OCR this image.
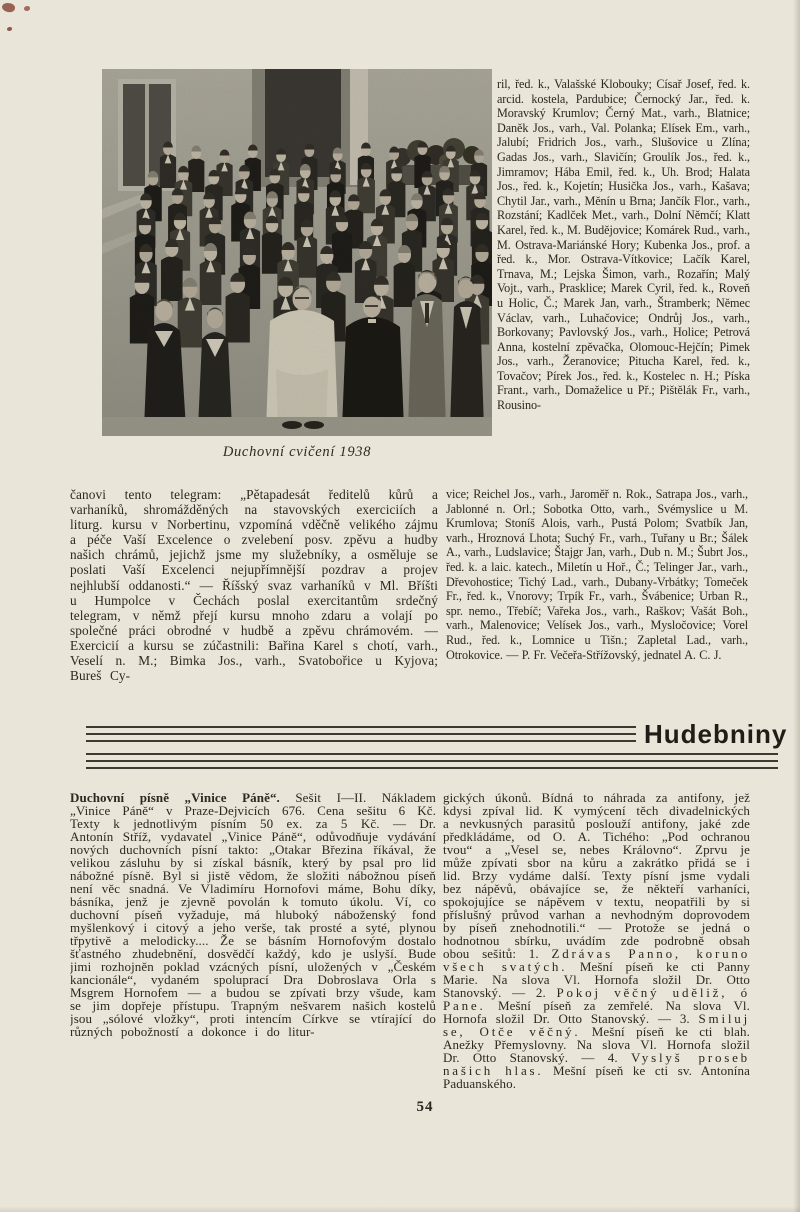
Duchovní cvičení 1938
ril, řed. k., Valašské Klobouky; Císař Josef, řed. k. arcid. kostela, Pardubice; Černocký Jar., řed. k. Moravský Krumlov; Černý Mat., varh., Blatnice; Daněk Jos., varh., Val. Polanka; Elísek Em., varh., Jalubí; Fridrich Jos., varh., Slušovice u Zlína; Gadas Jos., varh., Slavičín; Groulík Jos., řed. k., Jimramov; Hába Emil, řed. k., Uh. Brod; Halata Jos., řed. k., Kojetín; Husička Jos., varh., Kašava; Chytil Jar., varh., Měnín u Brna; Jančík Flor., varh., Rozstání; Kadlček Met., varh., Dolní Němčí; Klatt Karel, řed. k., M. Budějovice; Komárek Rud., varh., M. Ostrava-Mariánské Hory; Kubenka Jos., prof. a řed. k., Mor. Ostrava-Vítkovice; Lačík Karel, Trnava, M.; Lejska Šimon, varh., Rozařín; Malý Vojt., varh., Prasklice; Marek Cyril, řed. k., Roveň u Holic, Č.; Marek Jan, varh., Štramberk; Němec Václav, varh., Luhačovice; Ondrůj Jos., varh., Borkovany; Pavlovský Jos., varh., Holice; Petrová Anna, kostelní zpěvačka, Olomouc-Hejčín; Pimek Jos., varh., Žeranovice; Pitucha Karel, řed. k., Tovačov; Pírek Jos., řed. k., Kostelec n. H.; Píska Frant., varh., Domaželice u Př.; Pištělák Fr., varh., Rousino-
čanovi tento telegram: „Pětapadesát ředitelů kůrů a varhaníků, shromážděných na stavovských exerciciích a liturg. kursu v Norbertinu, vzpomíná vděčně velikého zájmu a péče Vaší Excelence o zvelebení posv. zpěvu a hudby našich chrámů, jejichž jsme my služebníky, a osměluje se poslati Vaší Excelenci nejupřímnější pozdrav a projev nejhlubší oddanosti.“ — Říšský svaz varhaníků v Ml. Bříšti u Humpolce v Čechách poslal exercitantům srdečný telegram, v němž přejí kursu mnoho zdaru a volají po společné práci obrodné v hudbě a zpěvu chrámovém. — Exercicií a kursu se zúčastnili: Bařina Karel s chotí, varh., Veselí n. M.; Bimka Jos., varh., Svatobořice u Kyjova; Bureš Cy-
vice; Reichel Jos., varh., Jaroměř n. Rok., Satrapa Jos., varh., Jablonné n. Orl.; Sobotka Otto, varh., Svémyslice u M. Krumlova; Stoníš Alois, varh., Pustá Polom; Svatbík Jan, varh., Hroznová Lhota; Suchý Fr., varh., Tuřany u Br.; Šálek A., varh., Ludslavice; Štajgr Jan, varh., Dub n. M.; Šubrt Jos., řed. k. a laic. katech., Miletín u Hoř., Č.; Telinger Jar., varh., Dřevohostice; Tichý Lad., varh., Dubany-Vrbátky; Tomeček Fr., řed. k., Vnorovy; Trpík Fr., varh., Švábenice; Urban R., spr. nemo., Třebíč; Vařeka Jos., varh., Raškov; Vašát Boh., varh., Malenovice; Velísek Jos., varh., Mysločovice; Vorel Rud., řed. k., Lomnice u Tišn.; Zapletal Lad., varh., Otrokovice. — P. Fr. Večeřa-Střížovský, jednatel A. C. J.
Hudebniny
Duchovní písně „Vinice Páně“. Sešit I—II. Nákladem „Vinice Páně“ v Praze-Dejvicích 676. Cena sešitu 6 Kč. Texty k jednotlivým písním 50 ex. za 5 Kč. — Dr. Antonín Stříž, vydavatel „Vinice Páně“, odůvodňuje vydávání nových duchovních písní takto: „Otakar Březina říkával, že velikou zásluhu by si získal básník, který by psal pro lid nábožné písně. Byl si jistě vědom, že složiti nábožnou píseň není věc snadná. Ve Vladimíru Hornofovi máme, Bohu díky, básníka, jenž je zjevně povolán k tomuto úkolu. Ví, co duchovní píseň vyžaduje, má hluboký náboženský fond myšlenkový i citový a jeho verše, tak prosté a syté, plynou třpytivě a melodicky.... Že se básním Hornofovým dostalo šťastného zhudebnění, dosvědčí každý, kdo je uslyší. Bude jimi rozhojněn poklad vzácných písní, uložených v „Českém kancionále“, vydaném spoluprací Dra Dobroslava Orla s Msgrem Hornofem — a budou se zpívati brzy všude, kam se jim dopřeje přístupu. Trapným nešvarem našich kostelů jsou „sólové vložky“, proti intencím Církve se vtírající do různých pobožností a dokonce i do litur-
gických úkonů. Bídná to náhrada za antifony, jež kdysi zpíval lid. K vymýcení těch divadelnických a nevkusných parasitů poslouží antifony, jaké zde předkládáme, od O. A. Tichého: „Pod ochranou tvou“ a „Vesel se, nebes Královno“. Zprvu je může zpívati sbor na kůru a zakrátko přidá se i lid. Brzy vydáme další. Texty písní jsme vydali bez nápěvů, obávajíce se, že někteří varhaníci, spokojujíce se nápěvem v textu, neopatřili by si příslušný průvod varhan a nevhodným doprovodem by píseň znehodnotili.“ — Protože se jedná o hodnotnou sbírku, uvádím zde podrobně obsah obou sešitů: 1. Zdrávas Panno, koruno všech svatých. Mešní píseň ke cti Panny Marie. Na slova Vl. Hornofa složil Dr. Otto Stanovský. — 2. Pokoj věčný uděliž, ó Pane. Mešní píseň za zemřelé. Na slova Vl. Hornofa složil Dr. Otto Stanovský. — 3. Smiluj se, Otče věčný. Mešní píseň ke cti blah. Anežky Přemyslovny. Na slova Vl. Hornofa složil Dr. Otto Stanovský. — 4. Vyslyš proseb našich hlas. Mešní píseň ke cti sv. Antonína Paduanského.
54
